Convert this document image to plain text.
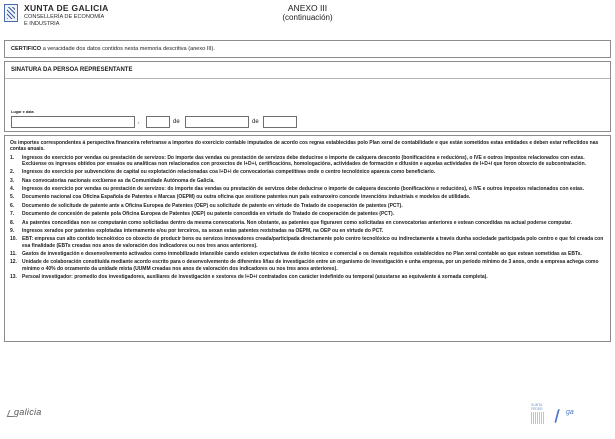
XUNTA DE GALICIA
CONSELLERÍA DE ECONOMÍA
E INDUSTRIA
ANEXO III
(continuación)
CERTIFICO a veracidade dos datos contidos nesta memoria descritiva (anexo III).
SINATURA DA PERSOA REPRESENTANTE
Lugar e data
,	de	de
Os importes correspondentes á perspectiva financeira referiranse a importes do exercicio contable imputados de acordo cos regras establecidas polo Plan xeral de contabilidade e que están sometidos estas entidades e deben estar reflectidos nas contas anuais.
1.	Ingresos do exercicio por vendas ou prestación de servizos: Do importe das vendas ou prestación de servizos debe deducirse o importe de calquera desconto (bonificacións e reducións), o IVE e outros impostos relacionados con estas. Exclúense os ingresos obtidos por ensaios ou analíticas non relacionados con proxectos de I+D+i, certificacións, homologacións, actividades de formación e difusión e aquelas actividades de I+D+i que foron obxecto de subcontratación.
2.	Ingresos do exercicio por subvencións de capital ou explotación relacionadas coa I+D+i de convocatorias competitivas onde o centro tecnolóxico apareza como beneficiario.
3.	Nas convocatorias nacionais exclúense as da Comunidade Autónoma de Galicia.
4.	Ingresos do exercicio por vendas ou prestación de servizos: do importe das vendas ou prestación de servizos debe deducirse o importe de calquera desconto (bonificacións e reducións), o IVE e outros impostos relacionados con estas.
5.	Documento nacional coa Oficina Española de Patentes e Marcas (OEPM) ou outra oficina que xestione patentes nun país estranxeiro concede invencións industriais e modelos de utilidade.
6.	Documento de solicitude de patente ante a Oficina Europea de Patentes (OEP) ou solicitude de patente en virtude do Tratado de cooperación de patentes (PCT).
7.	Documento de concesión de patente pola Oficina Europea de Patentes (OEP) ou patente concedida en virtude do Tratado de cooperación de patentes (PCT).
8.	As patentes concedidas non se computarán como solicitadas dentro da mesma convocatoria. Non obstante, as patentes que figuraren como solicitadas en convocatorias anteriores e estean concedidas na actual poderse computar.
9.	Ingresos xerados por patentes explotadas internamente e/ou por terceiros, xa sexan estas patentes rexistradas na OEPM, na OEP ou en virtude do PCT.
10.	EBT: empresa cun alto contido tecnolóxico co obxecto de producir bens ou servizos innovadores creada/participada directamente polo centro tecnolóxico ou indirectamente a través dunha sociedade participada polo centro e que foi creada con esa finalidade (EBTs creadas nos anos de valoración dos indicadores ou nos tres anos anteriores).
11.	Gastos de investigación e desenvolvemento activados como inmobilizado intanxible cando existen expectativas de éxito técnico e comercial e os demais requisitos establecidos no Plan xeral contable ao que estean sometidas as EBTs.
12.	Unidade de colaboración constituída mediante acordo escrito para o desenvolvemento de diferentes liñas de investigación entre un organismo de investigación e unha empresa, por un período mínimo de 3 anos, onde a empresa achega como mínimo o 40% do orzamento da unidade mixta (UUMM creadas nos anos de valoración dos indicadores ou nos tres anos anteriores).
13.	Persoal investigador: promedio dos investigadores, auxiliares de investigación e xestores de I+D+i contratados con carácter indefinido ou temporal (axustarse ao equivalente á xornada completa).
galicia
XUNTA
FEDER	ga
